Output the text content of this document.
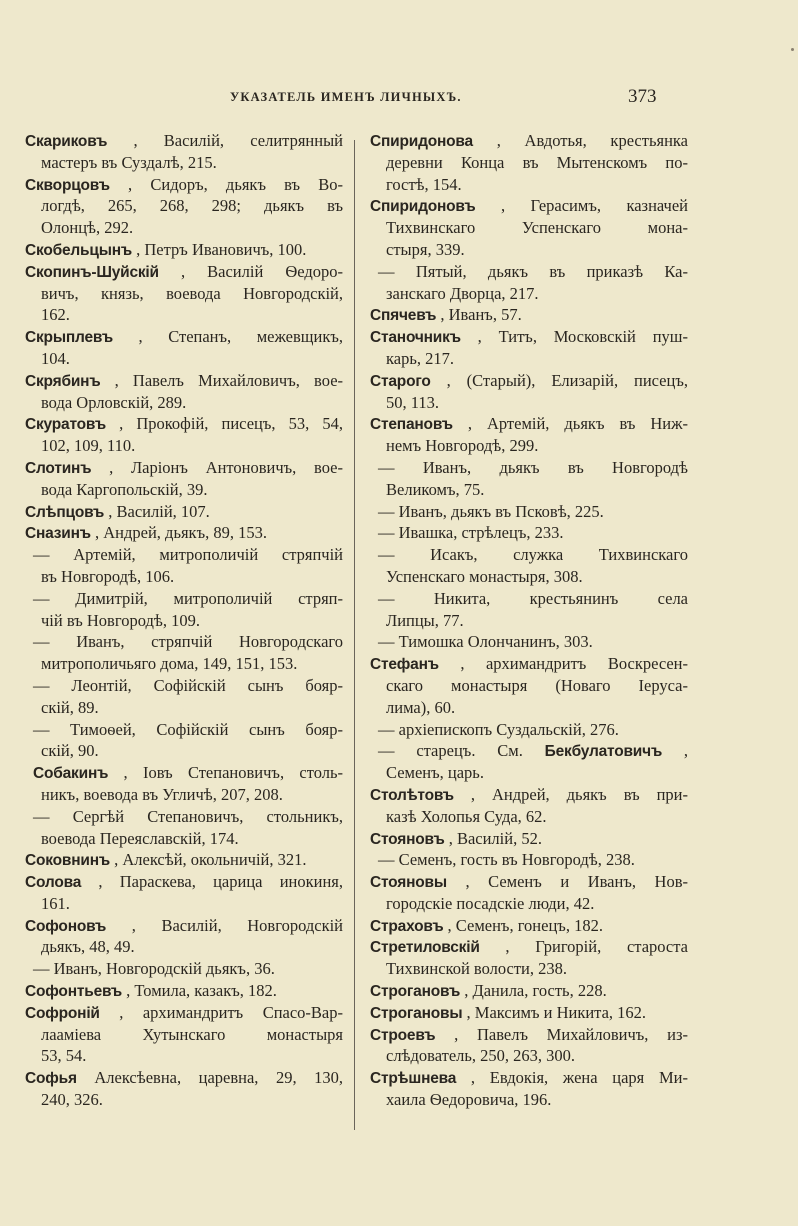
УКАЗАТЕЛЬ ИМЕНЪ ЛИЧНЫХЪ.	373
Скариковъ , Василій, селитрянный
мастеръ въ Суздалѣ, 215.
Скворцовъ , Сидоръ, дьякъ въ Во-
логдѣ, 265, 268, 298; дьякъ въ
Олонцѣ, 292.
Скобельцынъ , Петръ Ивановичъ, 100.
Скопинъ-Шуйскій , Василій Ѳедоро-
вичъ, князь, воевода Новгородскій,
162.
Скрыплевъ , Степанъ, межевщикъ,
104.
Скрябинъ , Павелъ Михайловичъ, вое-
вода Орловскій, 289.
Скуратовъ , Прокофій, писецъ, 53, 54,
102, 109, 110.
Слотинъ , Ларіонъ Антоновичъ, вое-
вода Каргопольскій, 39.
Слѣпцовъ , Василій, 107.
Сназинъ , Андрей, дьякъ, 89, 153.
— Артемій, митрополичій стряпчій
въ Новгородѣ, 106.
— Димитрій, митрополичій стряп-
чій въ Новгородѣ, 109.
— Иванъ, стряпчій Новгородскаго
митрополичьяго дома, 149, 151, 153.
— Леонтій, Софійскій сынъ бояр-
скій, 89.
— Тимоѳей, Софійскій сынъ бояр-
скій, 90.
Собакинъ , Іовъ Степановичъ, столь-
никъ, воевода въ Угличѣ, 207, 208.
— Сергѣй Степановичъ, стольникъ,
воевода Переяславскій, 174.
Соковнинъ , Алексѣй, окольничій, 321.
Солова , Параскева, царица инокиня,
161.
Софоновъ , Василій, Новгородскій
дьякъ, 48, 49.
— Иванъ, Новгородскій дьякъ, 36.
Софонтьевъ , Томила, казакъ, 182.
Софроній , архимандритъ Спасо-Вар-
лааміева Хутынскаго монастыря
53, 54.
Софья Алексѣевна, царевна, 29, 130,
240, 326.
Спиридонова , Авдотья, крестьянка
деревни Конца въ Мытенскомъ по-
гостѣ, 154.
Спиридоновъ , Герасимъ, казначей
Тихвинскаго Успенскаго мона-
стыря, 339.
— Пятый, дьякъ въ приказѣ Ка-
занскаго Дворца, 217.
Спячевъ , Иванъ, 57.
Станочникъ , Титъ, Московскій пуш-
карь, 217.
Старого , (Старый), Елизарій, писецъ,
50, 113.
Степановъ , Артемій, дьякъ въ Ниж-
немъ Новгородѣ, 299.
— Иванъ, дьякъ въ Новгородѣ
Великомъ, 75.
— Иванъ, дьякъ въ Псковѣ, 225.
— Ивашка, стрѣлецъ, 233.
— Исакъ, служка Тихвинскаго
Успенскаго монастыря, 308.
— Никита, крестьянинъ села
Липцы, 77.
— Тимошка Олончанинъ, 303.
Стефанъ , архимандритъ Воскресен-
скаго монастыря (Новаго Іеруса-
лима), 60.
— архіепископъ Суздальскій, 276.
— старецъ. См. Бекбулатовичъ ,
Семенъ, царь.
Столѣтовъ , Андрей, дьякъ въ при-
казѣ Холопья Суда, 62.
Стояновъ , Василій, 52.
— Семенъ, гость въ Новгородѣ, 238.
Стояновы , Семенъ и Иванъ, Нов-
городскіе посадскіе люди, 42.
Страховъ , Семенъ, гонецъ, 182.
Стретиловскій , Григорій, староста
Тихвинской волости, 238.
Строгановъ , Данила, гость, 228.
Строгановы , Максимъ и Никита, 162.
Строевъ , Павелъ Михайловичъ, из-
слѣдователь, 250, 263, 300.
Стрѣшнева , Евдокія, жена царя Ми-
хаила Ѳедоровича, 196.
